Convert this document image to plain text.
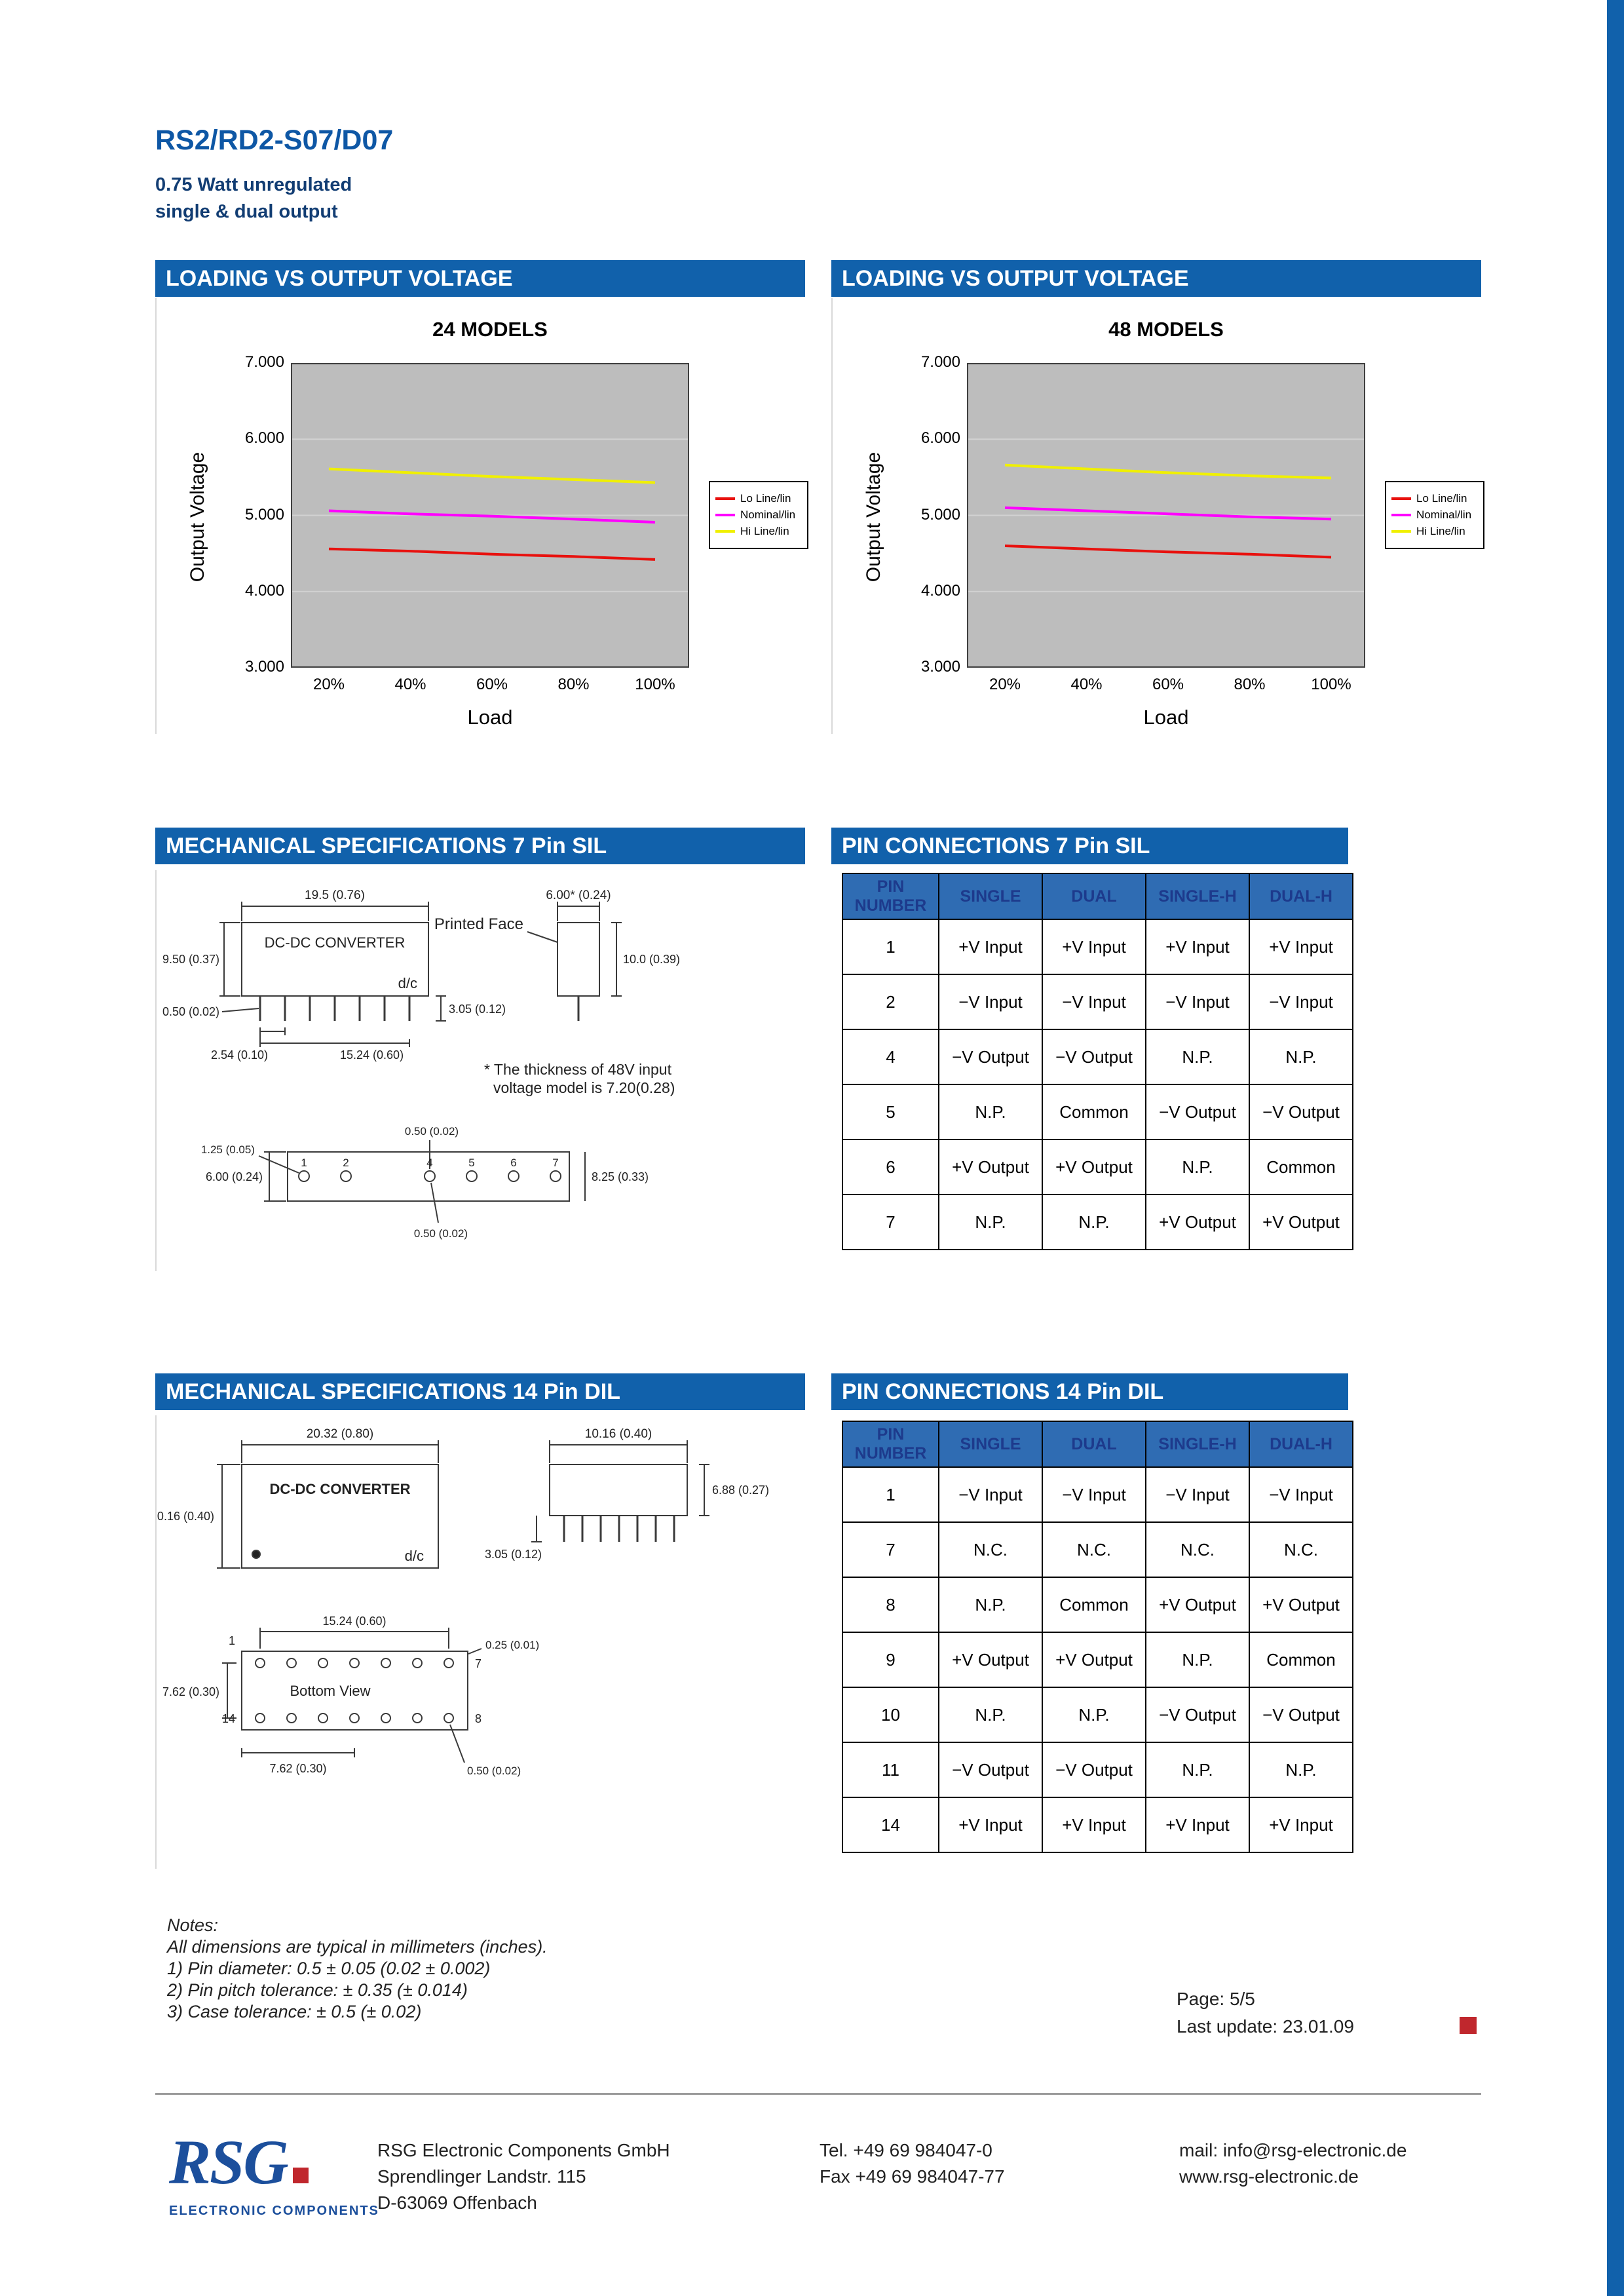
RS2/RD2-S07/D07
0.75 Watt unregulated
single & dual output
LOADING VS OUTPUT VOLTAGE	LOADING VS OUTPUT VOLTAGE
24 MODELS
Output Voltage
Load
Lo Line/lin
Nominal/lin
Hi Line/lin
7.000
6.000
5.000
4.000
3.000
20%	40%	60%	80%	100%
48 MODELS
Output Voltage
Load
Lo Line/lin
Nominal/lin
Hi Line/lin
7.000
6.000
5.000
4.000
3.000
20%	40%	60%	80%	100%
MECHANICAL SPECIFICATIONS 7 Pin SIL	PIN CONNECTIONS 7 Pin SIL
DC-DC CONVERTER
d/c
19.5 (0.76)
9.50 (0.37)
0.50 (0.02)	3.05 (0.12)
2.54 (0.10)	15.24 (0.60)
6.00* (0.24)
10.0 (0.39)
Printed Face
* The thickness of 48V input
voltage model is 7.20(0.28)
6.00 (0.24)
1.25 (0.05)
0.50 (0.02)
8.25 (0.33)
0.50 (0.02)
1	2	4	5	6	7
PIN NUMBER	SINGLE	DUAL	SINGLE-H	DUAL-H
1	+V Input	+V Input	+V Input	+V Input
2	−V Input	−V Input	−V Input	−V Input
4	−V Output	−V Output	N.P.	N.P.
5	N.P.	Common	−V Output	−V Output
6	+V Output	+V Output	N.P.	Common
7	N.P.	N.P.	+V Output	+V Output
MECHANICAL SPECIFICATIONS 14 Pin DIL	PIN CONNECTIONS 14 Pin DIL
DC-DC CONVERTER
d/c
20.32 (0.80)
10.16 (0.40)
10.16 (0.40)
6.88 (0.27)
3.05 (0.12)
15.24 (0.60)
0.25 (0.01)
7.62 (0.30)
7.62 (0.30)	0.50 (0.02)
Bottom View
1
7
14	8
PIN NUMBER	SINGLE	DUAL	SINGLE-H	DUAL-H
1	−V Input	−V Input	−V Input	−V Input
7	N.C.	N.C.	N.C.	N.C.
8	N.P.	Common	+V Output	+V Output
9	+V Output	+V Output	N.P.	Common
10	N.P.	N.P.	−V Output	−V Output
11	−V Output	−V Output	N.P.	N.P.
14	+V Input	+V Input	+V Input	+V Input
Notes:
All dimensions are typical in millimeters (inches).
1) Pin diameter: 0.5 ± 0.05 (0.02 ± 0.002)
2) Pin pitch tolerance: ± 0.35 (± 0.014)
3) Case tolerance: ± 0.5 (± 0.02)
Page: 5/5
Last update: 23.01.09
RSG
ELECTRONIC COMPONENTS
RSG Electronic Components GmbH
Sprendlinger Landstr. 115
D-63069 Offenbach
Tel. +49 69 984047-0
Fax +49 69 984047-77
mail: info@rsg-electronic.de
www.rsg-electronic.de
